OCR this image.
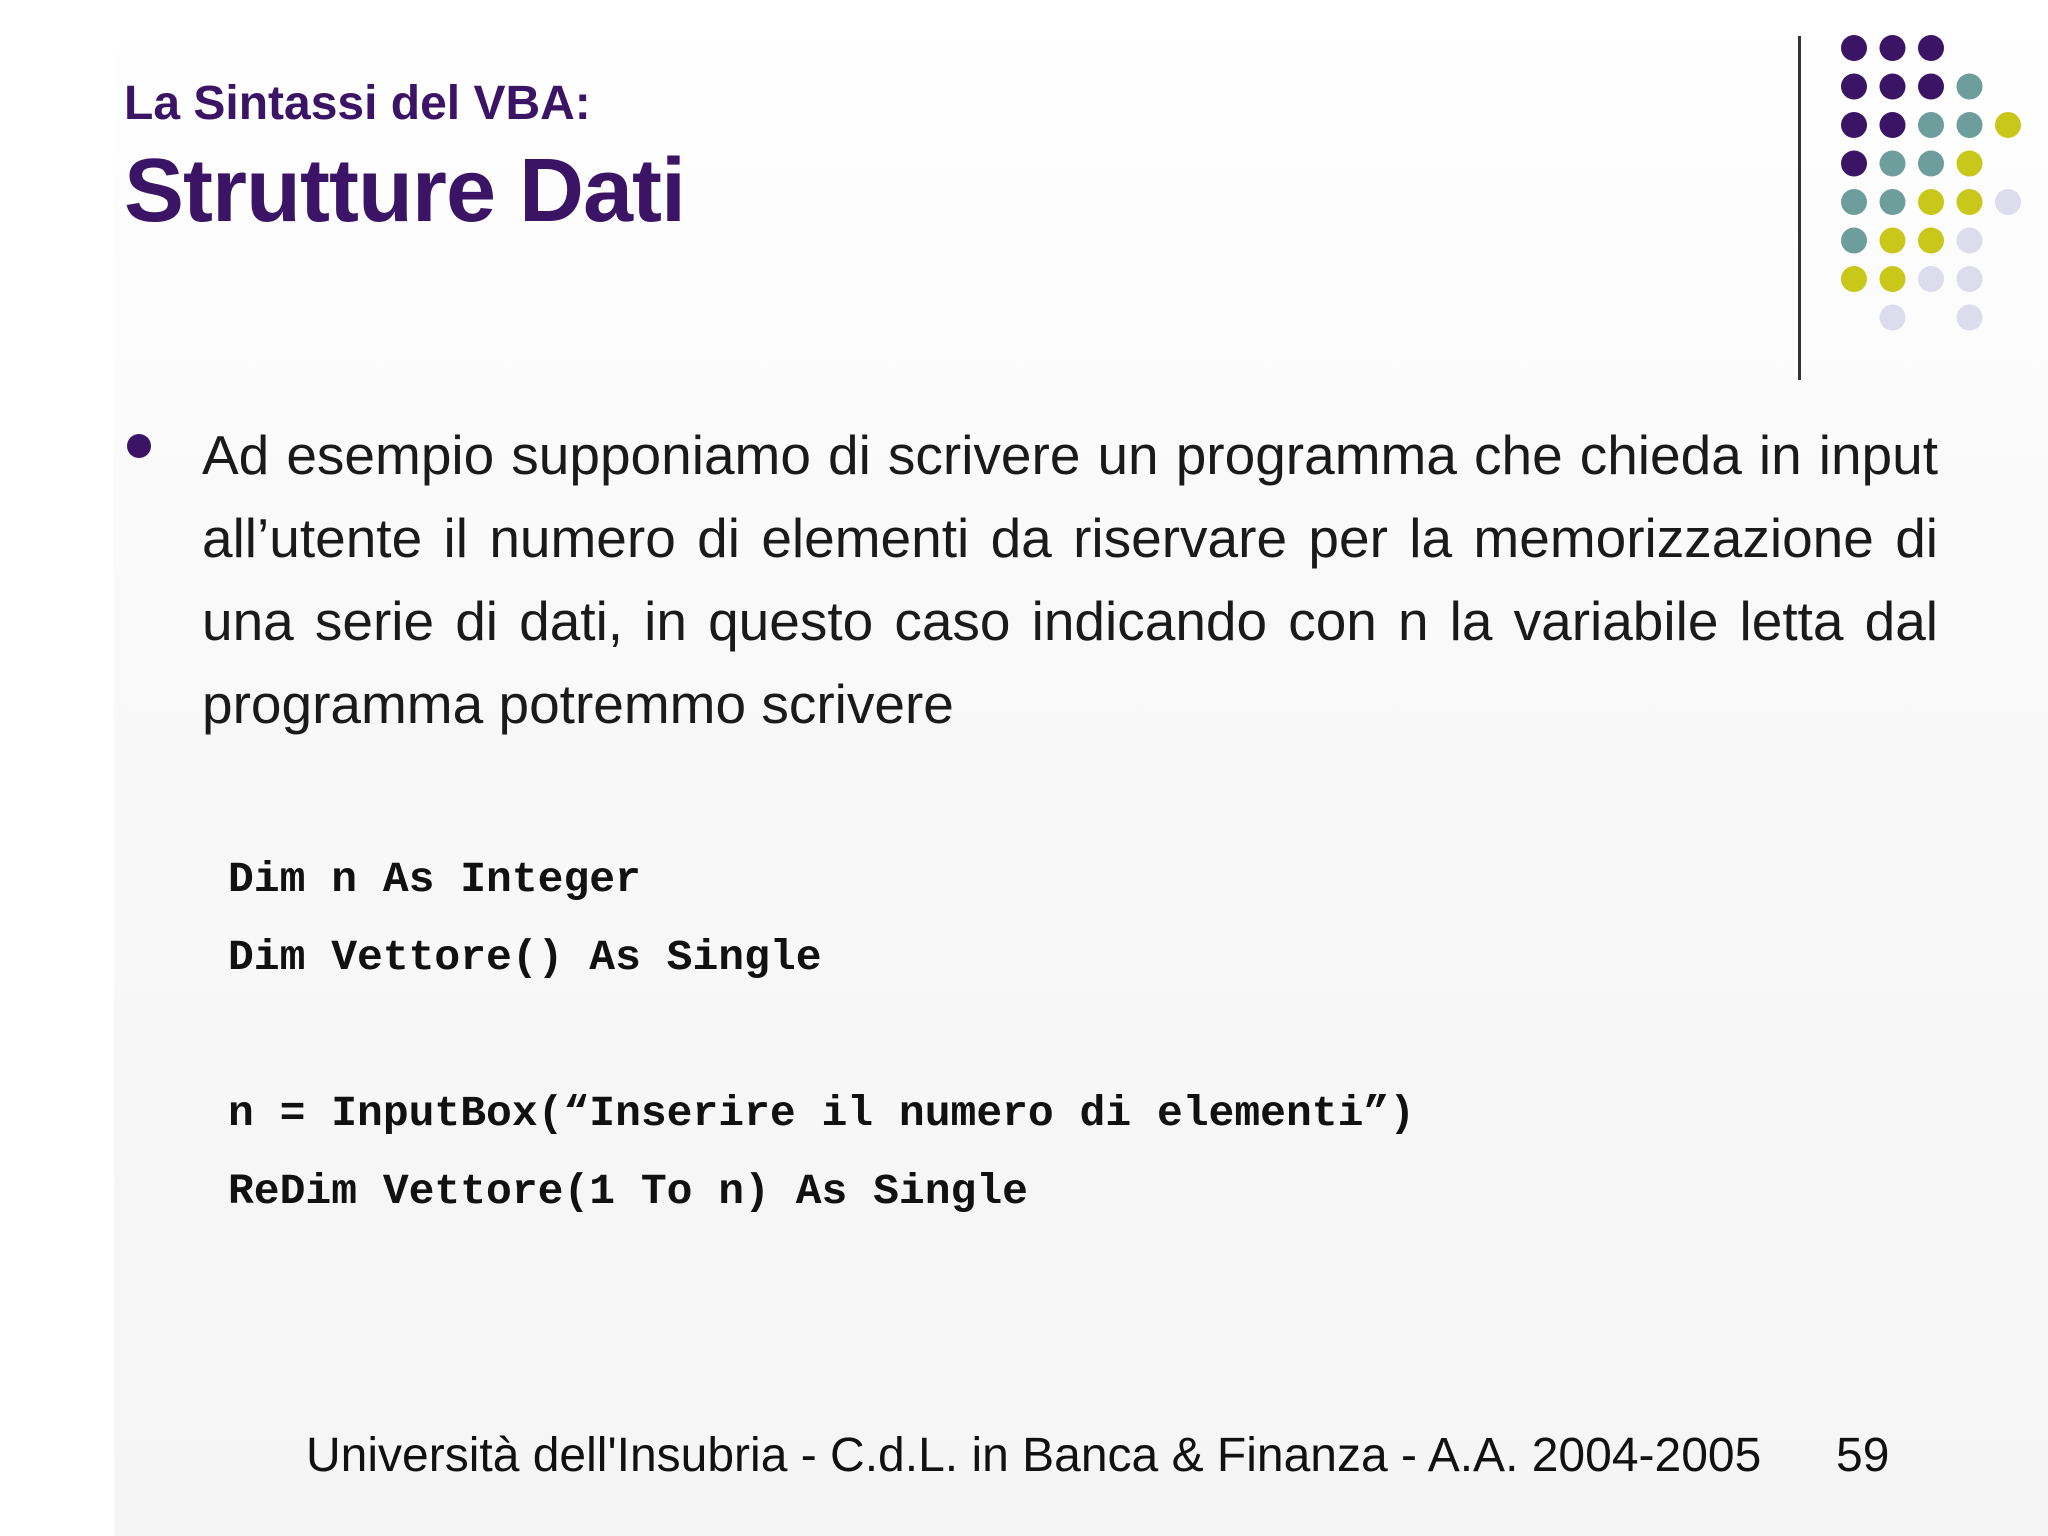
La Sintassi del VBA:
Strutture Dati
Ad esempio supponiamo di scrivere un programma che chieda in input all’utente il numero di elementi da riservare per la memorizzazione di una serie di dati, in questo caso indicando con n la variabile letta dal programma potremmo scrivere
Dim n As Integer
Dim Vettore() As Single
n = InputBox(“Inserire il numero di elementi”)
ReDim Vettore(1 To n) As Single
Università dell'Insubria - C.d.L. in Banca & Finanza - A.A. 2004-2005 59
